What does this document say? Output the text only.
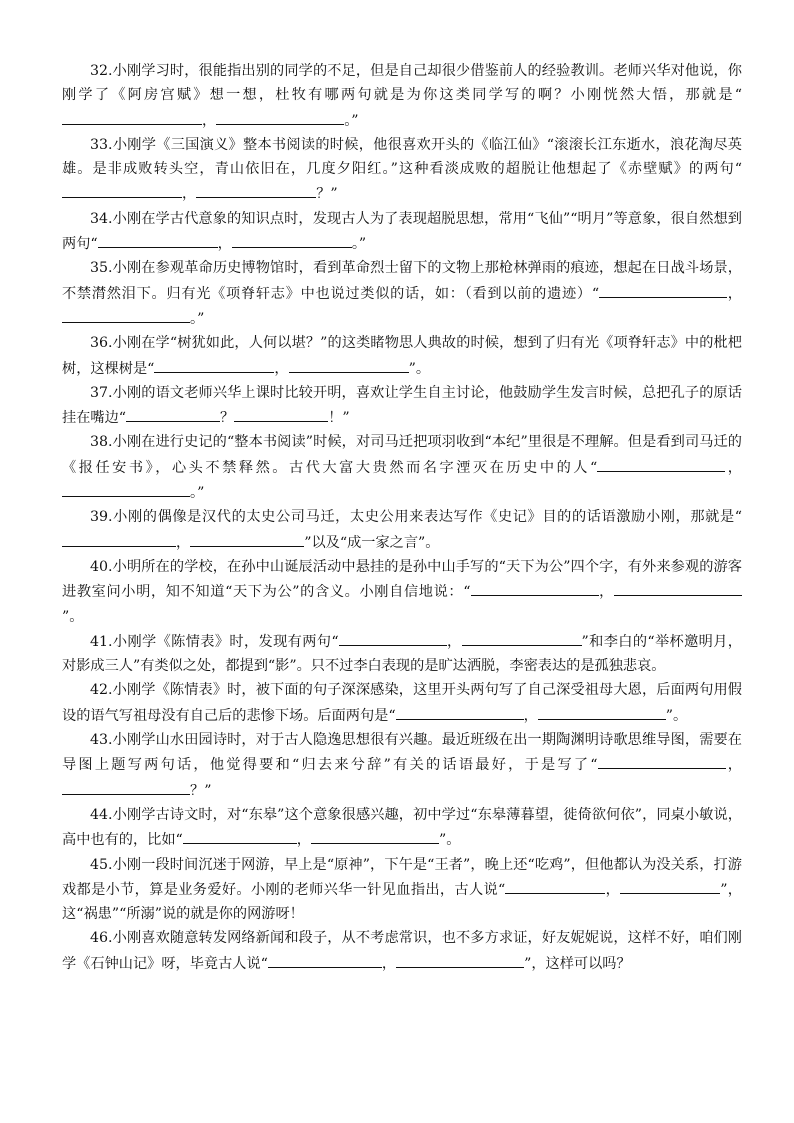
32.小刚学习时，很能指出别的同学的不足，但是自己却很少借鉴前人的经验教训。老师兴华对他说，你刚学了《阿房宫赋》想一想，杜牧有哪两句就是为你这类同学写的啊？小刚恍然大悟，那就是“，	。”

33.小刚学《三国演义》整本书阅读的时候，他很喜欢开头的《临江仙》“滚滚长江东逝水，浪花淘尽英雄。是非成败转头空，青山依旧在，几度夕阳红。”这种看淡成败的超脱让他想起了《赤壁赋》的两句“，	？”

34.小刚在学古代意象的知识点时，发现古人为了表现超脱思想，常用“飞仙”“明月”等意象，很自然想到两句“	，	。”

35.小刚在参观革命历史博物馆时，看到革命烈士留下的文物上那枪林弹雨的痕迹，想起在日战斗场景，不禁潸然泪下。归有光《项脊轩志》中也说过类似的话，如：（看到以前的遗迹）“	，。”

36.小刚在学“树犹如此，人何以堪？”的这类睹物思人典故的时候，想到了归有光《项脊轩志》中的枇杷树，这棵树是“	，	”。

37.小刚的语文老师兴华上课时比较开明，喜欢让学生自主讨论，他鼓励学生发言时候，总把孔子的原话挂在嘴边“	？	！”

38.小刚在进行史记的“整本书阅读”时候，对司马迁把项羽收到“本纪”里很是不理解。但是看到司马迁的《报任安书》，心头不禁释然。古代大富大贵然而名字湮灭在历史中的人“	，。”

39.小刚的偶像是汉代的太史公司马迁，太史公用来表达写作《史记》目的的话语激励小刚，那就是“，	”以及“成一家之言”。

40.小明所在的学校，在孙中山诞辰活动中悬挂的是孙中山手写的“天下为公”四个字，有外来参观的游客进教室问小明，知不知道“天下为公”的含义。小刚自信地说：“	，”。

41.小刚学《陈情表》时，发现有两句“	，	”和李白的“举杯邀明月，对影成三人”有类似之处，都提到“影”。只不过李白表现的是旷达洒脱，李密表达的是孤独悲哀。

42.小刚学《陈情表》时，被下面的句子深深感染，这里开头两句写了自己深受祖母大恩，后面两句用假设的语气写祖母没有自己后的悲惨下场。后面两句是“	，	”。

43.小刚学山水田园诗时，对于古人隐逸思想很有兴趣。最近班级在出一期陶渊明诗歌思维导图，需要在导图上题写两句话，他觉得要和“归去来兮辞”有关的话语最好，于是写了“	，？”

44.小刚学古诗文时，对“东皋”这个意象很感兴趣，初中学过“东皋薄暮望，徙倚欲何依”，同桌小敏说，高中也有的，比如“	，	”。

45.小刚一段时间沉迷于网游，早上是“原神”，下午是“王者”，晚上还“吃鸡”，但他都认为没关系，打游戏都是小节，算是业务爱好。小刚的老师兴华一针见血指出，古人说“	，	”，这“祸患”“所溺”说的就是你的网游呀！

46.小刚喜欢随意转发网络新闻和段子，从不考虑常识，也不多方求证，好友妮妮说，这样不好，咱们刚学《石钟山记》呀，毕竟古人说“	，	”，这样可以吗？
